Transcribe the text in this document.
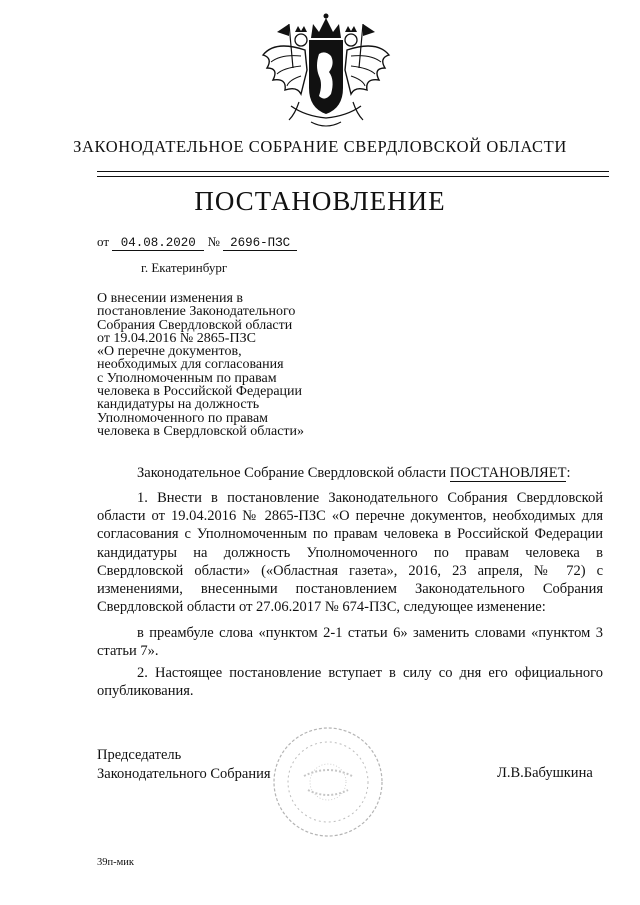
ЗАКОНОДАТЕЛЬНОЕ СОБРАНИЕ СВЕРДЛОВСКОЙ ОБЛАСТИ
ПОСТАНОВЛЕНИЕ
от 04.08.2020 № 2696-ПЗС
г. Екатеринбург
О внесении изменения в
постановление Законодательного
Собрания Свердловской области
от 19.04.2016 № 2865-ПЗС
«О перечне документов,
необходимых для согласования
с Уполномоченным по правам
человека в Российской Федерации
кандидатуры на должность
Уполномоченного по правам
человека в Свердловской области»
Законодательное Собрание Свердловской области ПОСТАНОВЛЯЕТ:
1. Внести в постановление Законодательного Собрания Свердловской области от 19.04.2016 № 2865-ПЗС «О перечне документов, необходимых для согласования с Уполномоченным по правам человека в Российской Федерации кандидатуры на должность Уполномоченного по правам человека в Свердловской области» («Областная газета», 2016, 23 апреля, № 72) с изменениями, внесенными постановлением Законодательного Собрания Свердловской области от 27.06.2017 № 674-ПЗС, следующее изменение:
в преамбуле слова «пунктом 2-1 статьи 6» заменить словами «пунктом 3 статьи 7».
2. Настоящее постановление вступает в силу со дня его официального опубликования.
Председатель
Законодательного Собрания	Л.В.Бабушкина
39п-мик
